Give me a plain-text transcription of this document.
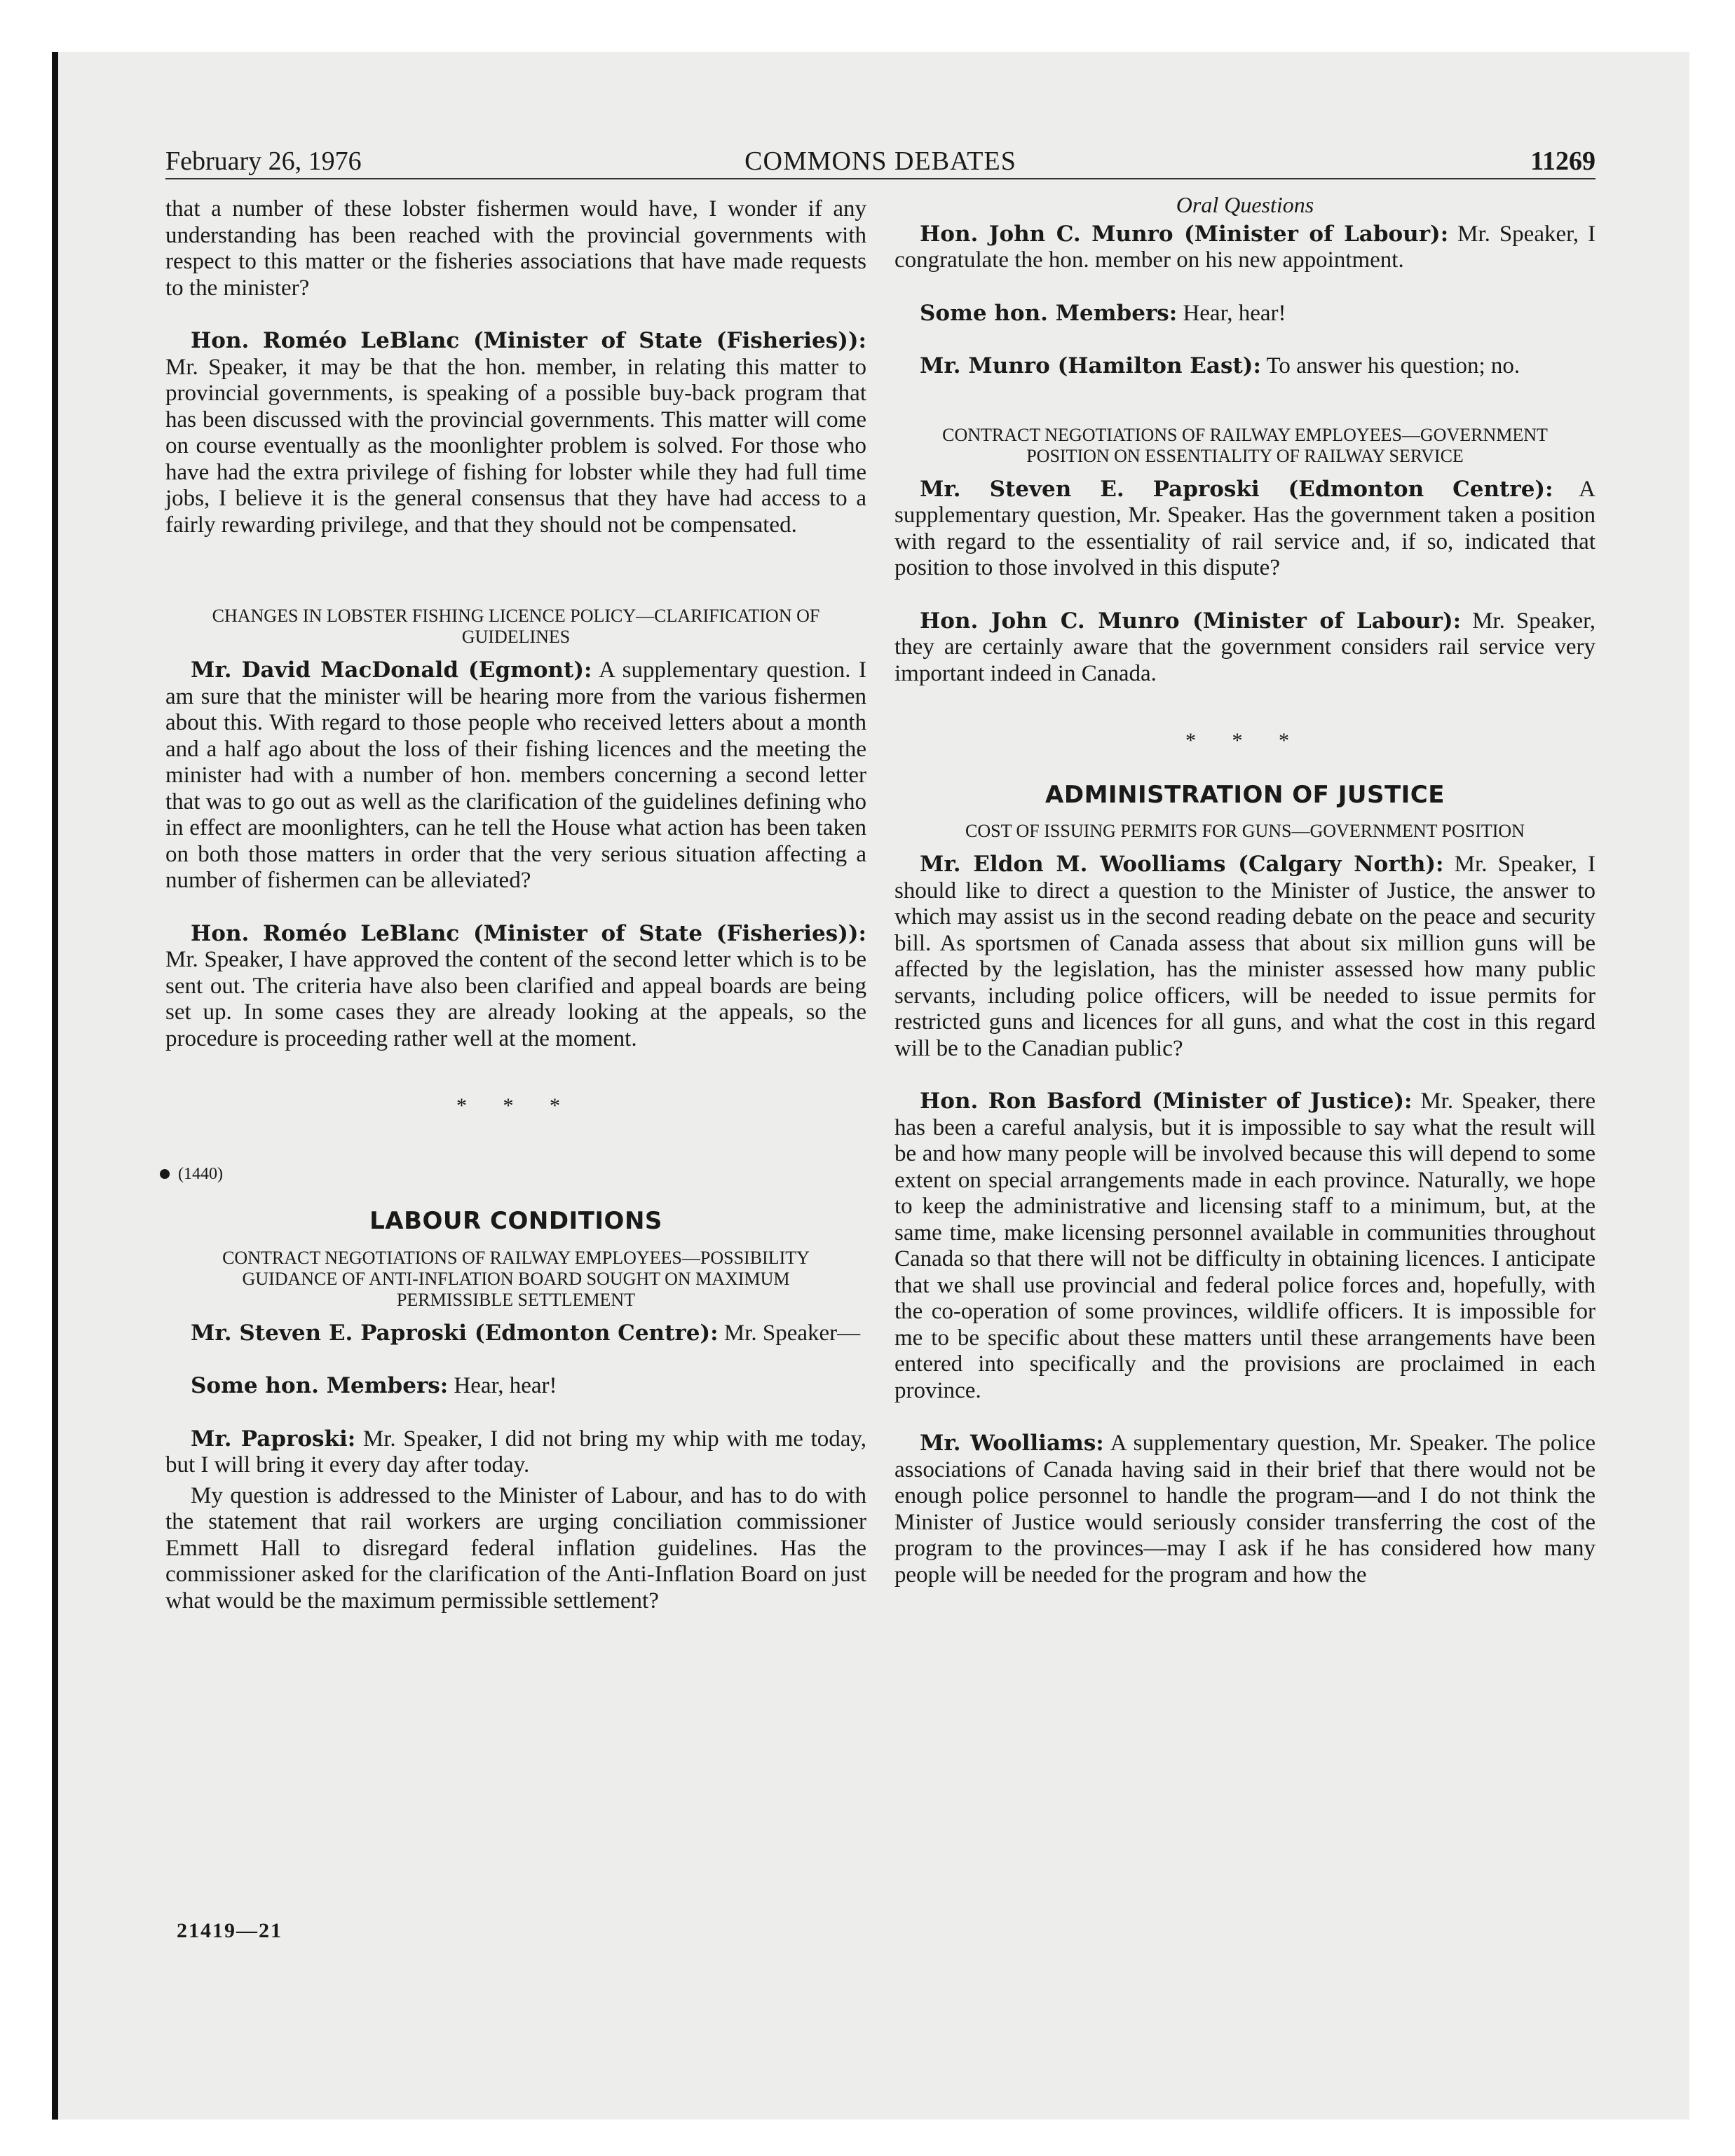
February 26, 1976	COMMONS DEBATES	11269

that a number of these lobster fishermen would have, I wonder if any understanding has been reached with the provincial governments with respect to this matter or the fisheries associations that have made requests to the minister?

Hon. Roméo LeBlanc (Minister of State (Fisheries)): Mr. Speaker, it may be that the hon. member, in relating this matter to provincial governments, is speaking of a possible buy-back program that has been discussed with the provincial governments. This matter will come on course eventually as the moonlighter problem is solved. For those who have had the extra privilege of fishing for lobster while they had full time jobs, I believe it is the general consensus that they have had access to a fairly rewarding privilege, and that they should not be compensated.

CHANGES IN LOBSTER FISHING LICENCE POLICY—CLARIFICATION OF GUIDELINES

Mr. David MacDonald (Egmont): A supplementary question. I am sure that the minister will be hearing more from the various fishermen about this. With regard to those people who received letters about a month and a half ago about the loss of their fishing licences and the meeting the minister had with a number of hon. members concerning a second letter that was to go out as well as the clarification of the guidelines defining who in effect are moonlighters, can he tell the House what action has been taken on both those matters in order that the very serious situation affecting a number of fishermen can be alleviated?

Hon. Roméo LeBlanc (Minister of State (Fisheries)): Mr. Speaker, I have approved the content of the second letter which is to be sent out. The criteria have also been clarified and appeal boards are being set up. In some cases they are already looking at the appeals, so the procedure is proceeding rather well at the moment.

* * *
(1440)
LABOUR CONDITIONS
CONTRACT NEGOTIATIONS OF RAILWAY EMPLOYEES—POSSIBILITY GUIDANCE OF ANTI-INFLATION BOARD SOUGHT ON MAXIMUM PERMISSIBLE SETTLEMENT

Mr. Steven E. Paproski (Edmonton Centre): Mr. Speaker—

Some hon. Members: Hear, hear!

Mr. Paproski: Mr. Speaker, I did not bring my whip with me today, but I will bring it every day after today.

My question is addressed to the Minister of Labour, and has to do with the statement that rail workers are urging conciliation commissioner Emmett Hall to disregard federal inflation guidelines. Has the commissioner asked for the clarification of the Anti-Inflation Board on just what would be the maximum permissible settlement?

Oral Questions

Hon. John C. Munro (Minister of Labour): Mr. Speaker, I congratulate the hon. member on his new appointment.

Some hon. Members: Hear, hear!

Mr. Munro (Hamilton East): To answer his question; no.

CONTRACT NEGOTIATIONS OF RAILWAY EMPLOYEES—GOVERNMENT POSITION ON ESSENTIALITY OF RAILWAY SERVICE

Mr. Steven E. Paproski (Edmonton Centre): A supplementary question, Mr. Speaker. Has the government taken a position with regard to the essentiality of rail service and, if so, indicated that position to those involved in this dispute?

Hon. John C. Munro (Minister of Labour): Mr. Speaker, they are certainly aware that the government considers rail service very important indeed in Canada.

* * *
ADMINISTRATION OF JUSTICE
COST OF ISSUING PERMITS FOR GUNS—GOVERNMENT POSITION

Mr. Eldon M. Woolliams (Calgary North): Mr. Speaker, I should like to direct a question to the Minister of Justice, the answer to which may assist us in the second reading debate on the peace and security bill. As sportsmen of Canada assess that about six million guns will be affected by the legislation, has the minister assessed how many public servants, including police officers, will be needed to issue permits for restricted guns and licences for all guns, and what the cost in this regard will be to the Canadian public?

Hon. Ron Basford (Minister of Justice): Mr. Speaker, there has been a careful analysis, but it is impossible to say what the result will be and how many people will be involved because this will depend to some extent on special arrangements made in each province. Naturally, we hope to keep the administrative and licensing staff to a minimum, but, at the same time, make licensing personnel available in communities throughout Canada so that there will not be difficulty in obtaining licences. I anticipate that we shall use provincial and federal police forces and, hopefully, with the co-operation of some provinces, wildlife officers. It is impossible for me to be specific about these matters until these arrangements have been entered into specifically and the provisions are proclaimed in each province.

Mr. Woolliams: A supplementary question, Mr. Speaker. The police associations of Canada having said in their brief that there would not be enough police personnel to handle the program—and I do not think the Minister of Justice would seriously consider transferring the cost of the program to the provinces—may I ask if he has considered how many people will be needed for the program and how the

21419—21
